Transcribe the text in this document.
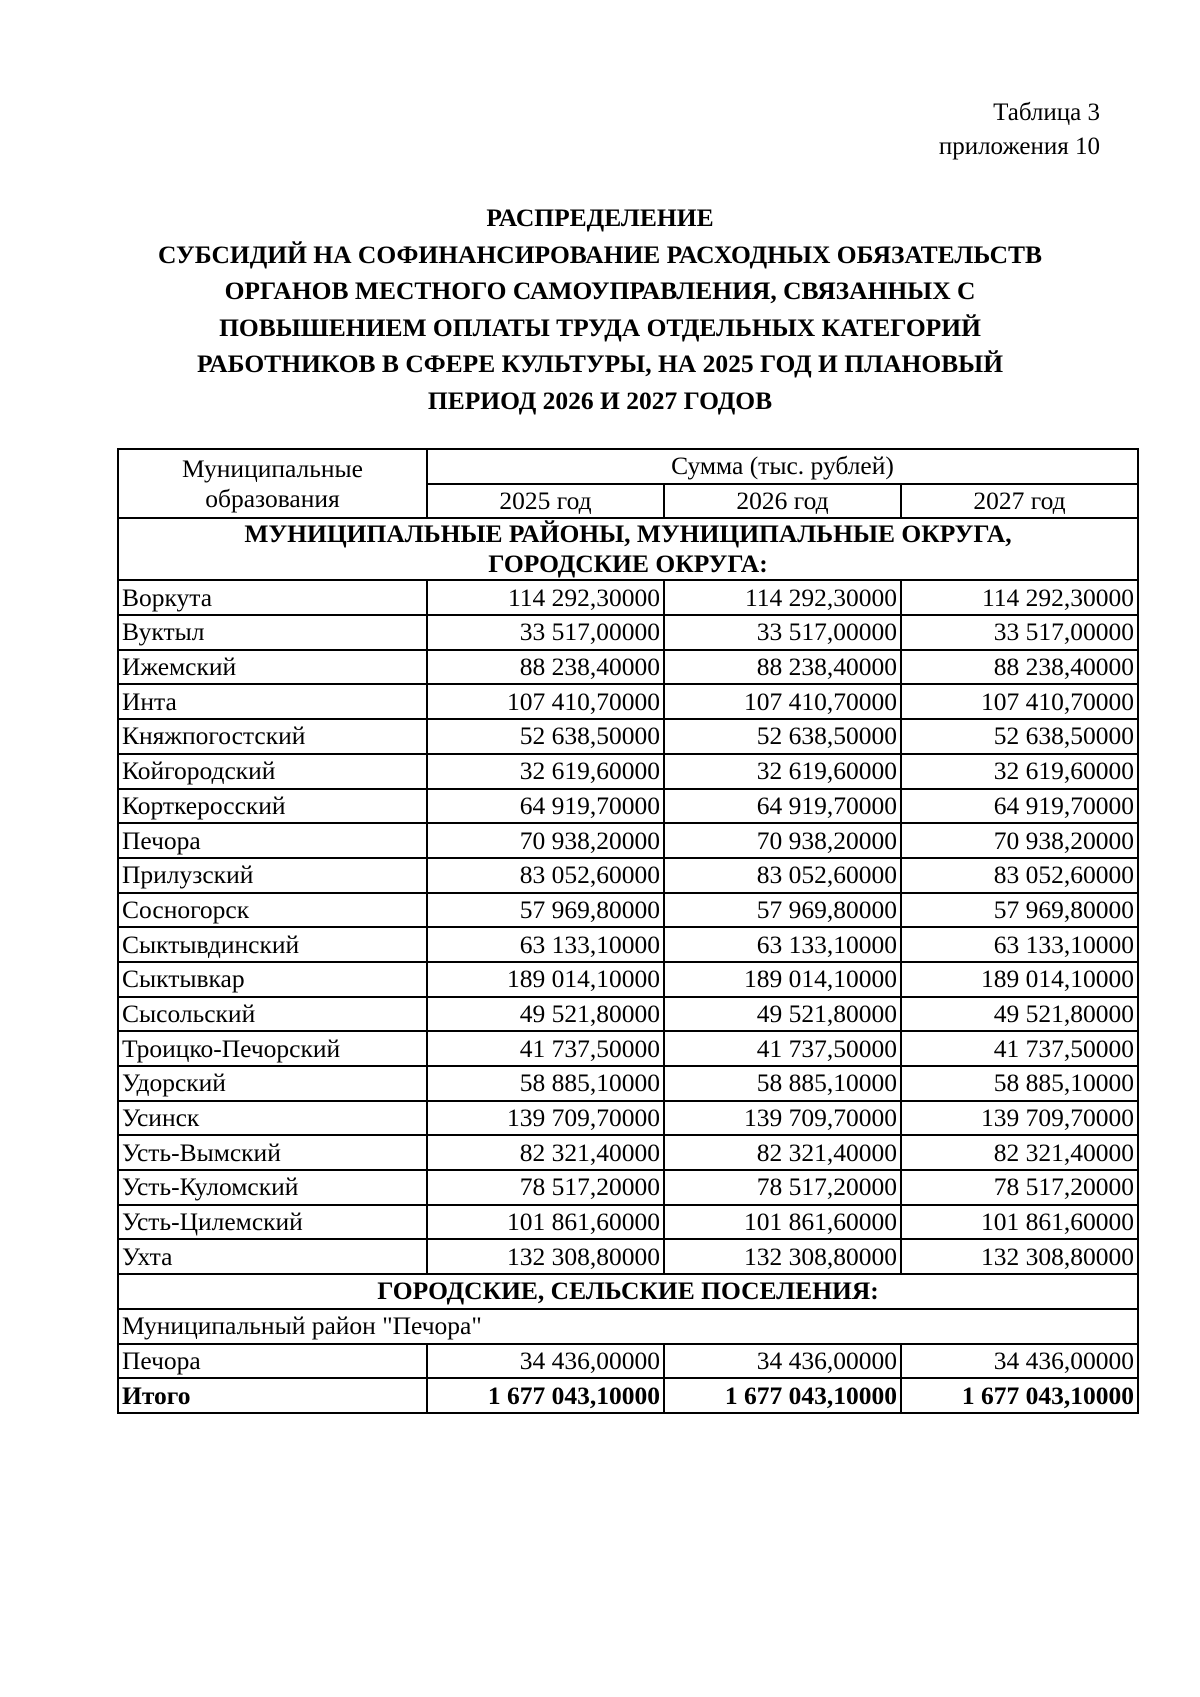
Таблица 3
приложения 10
РАСПРЕДЕЛЕНИЕ
СУБСИДИЙ НА СОФИНАНСИРОВАНИЕ РАСХОДНЫХ ОБЯЗАТЕЛЬСТВ
ОРГАНОВ МЕСТНОГО САМОУПРАВЛЕНИЯ, СВЯЗАННЫХ С
ПОВЫШЕНИЕМ ОПЛАТЫ ТРУДА ОТДЕЛЬНЫХ КАТЕГОРИЙ
РАБОТНИКОВ В СФЕРЕ КУЛЬТУРЫ, НА 2025 ГОД И ПЛАНОВЫЙ
ПЕРИОД 2026 И 2027 ГОДОВ
Муниципальные
образования	Сумма (тыс. рублей)		
	2025 год	2026 год	2027 год

МУНИЦИПАЛЬНЫЕ РАЙОНЫ, МУНИЦИПАЛЬНЫЕ ОКРУГА,
ГОРОДСКИЕ ОКРУГА:			

Воркута	114 292,30000	114 292,30000	114 292,30000
Вуктыл	33 517,00000	33 517,00000	33 517,00000
Ижемский	88 238,40000	88 238,40000	88 238,40000
Инта	107 410,70000	107 410,70000	107 410,70000
Княжпогостский	52 638,50000	52 638,50000	52 638,50000
Койгородский	32 619,60000	32 619,60000	32 619,60000
Корткеросский	64 919,70000	64 919,70000	64 919,70000
Печора	70 938,20000	70 938,20000	70 938,20000
Прилузский	83 052,60000	83 052,60000	83 052,60000
Сосногорск	57 969,80000	57 969,80000	57 969,80000
Сыктывдинский	63 133,10000	63 133,10000	63 133,10000
Сыктывкар	189 014,10000	189 014,10000	189 014,10000
Сысольский	49 521,80000	49 521,80000	49 521,80000
Троицко-Печорский	41 737,50000	41 737,50000	41 737,50000
Удорский	58 885,10000	58 885,10000	58 885,10000
Усинск	139 709,70000	139 709,70000	139 709,70000
Усть-Вымский	82 321,40000	82 321,40000	82 321,40000
Усть-Куломский	78 517,20000	78 517,20000	78 517,20000
Усть-Цилемский	101 861,60000	101 861,60000	101 861,60000
Ухта	132 308,80000	132 308,80000	132 308,80000
ГОРОДСКИЕ, СЕЛЬСКИЕ ПОСЕЛЕНИЯ:			
Муниципальный район "Печора"			
Печора	34 436,00000	34 436,00000	34 436,00000
Итого	1 677 043,10000	1 677 043,10000	1 677 043,10000
